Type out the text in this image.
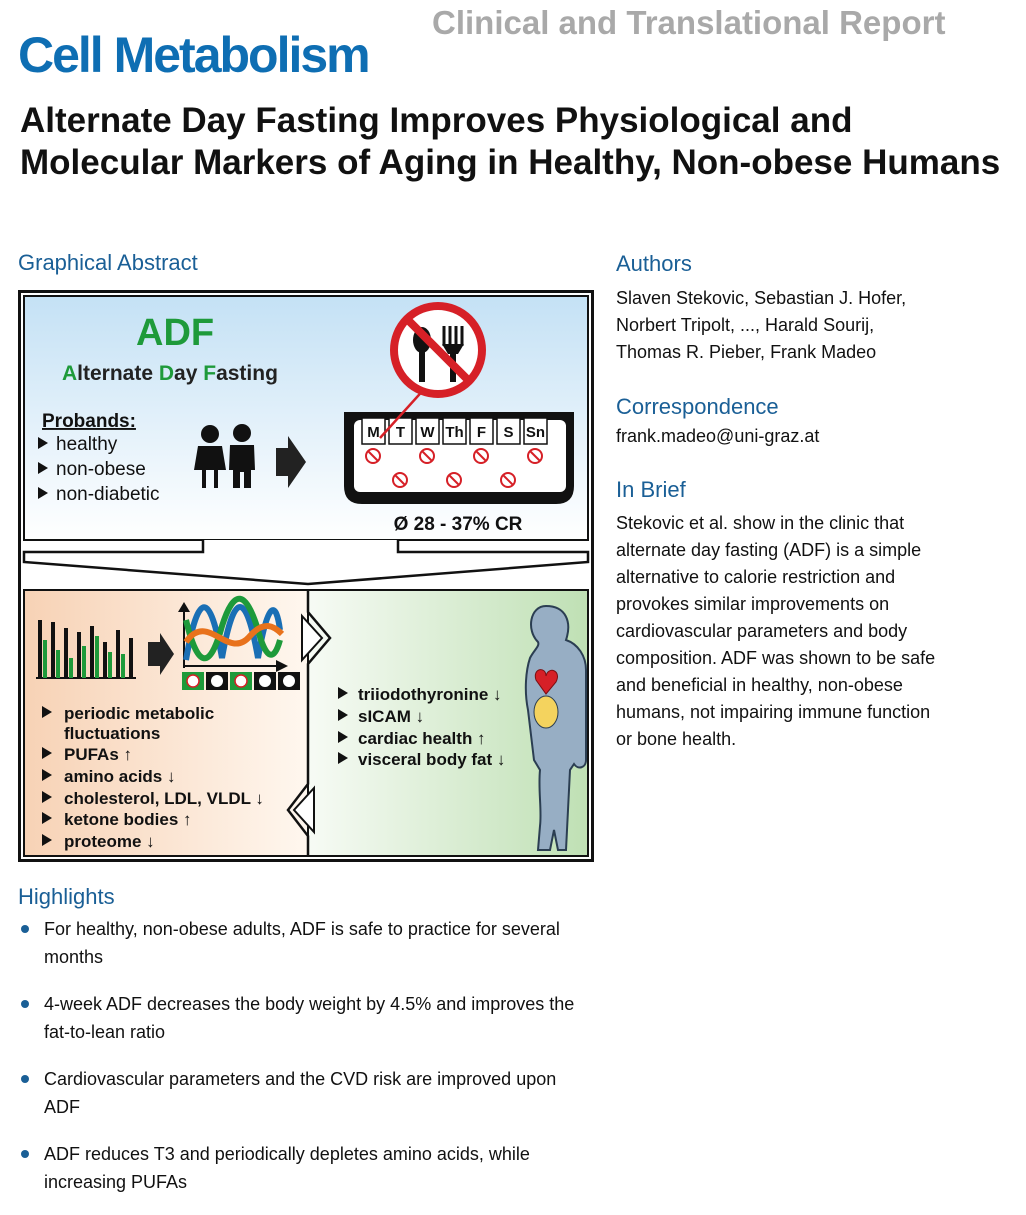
Cell Metabolism
Clinical and Translational Report
Alternate Day Fasting Improves Physiological and Molecular Markers of Aging in Healthy, Non-obese Humans
Graphical Abstract
ADF
Alternate Day Fasting
Probands:
healthy
non-obese
non-diabetic
M T W Th F S Sn
Ø 28 - 37% CR
periodic metabolic
fluctuations
PUFAs ↑
amino acids ↓
cholesterol, LDL, VLDL ↓
ketone bodies ↑
proteome ↓
triiodothyronine ↓
sICAM ↓
cardiac health ↑
visceral body fat ↓
Authors
Slaven Stekovic, Sebastian J. Hofer,
Norbert Tripolt, ..., Harald Sourij,
Thomas R. Pieber, Frank Madeo
Correspondence
frank.madeo@uni-graz.at
In Brief
Stekovic et al. show in the clinic that
alternate day fasting (ADF) is a simple
alternative to calorie restriction and
provokes similar improvements on
cardiovascular parameters and body
composition. ADF was shown to be safe
and beneficial in healthy, non-obese
humans, not impairing immune function
or bone health.
Highlights
For healthy, non-obese adults, ADF is safe to practice for several months
4-week ADF decreases the body weight by 4.5% and improves the fat-to-lean ratio
Cardiovascular parameters and the CVD risk are improved upon ADF
ADF reduces T3 and periodically depletes amino acids, while increasing PUFAs
